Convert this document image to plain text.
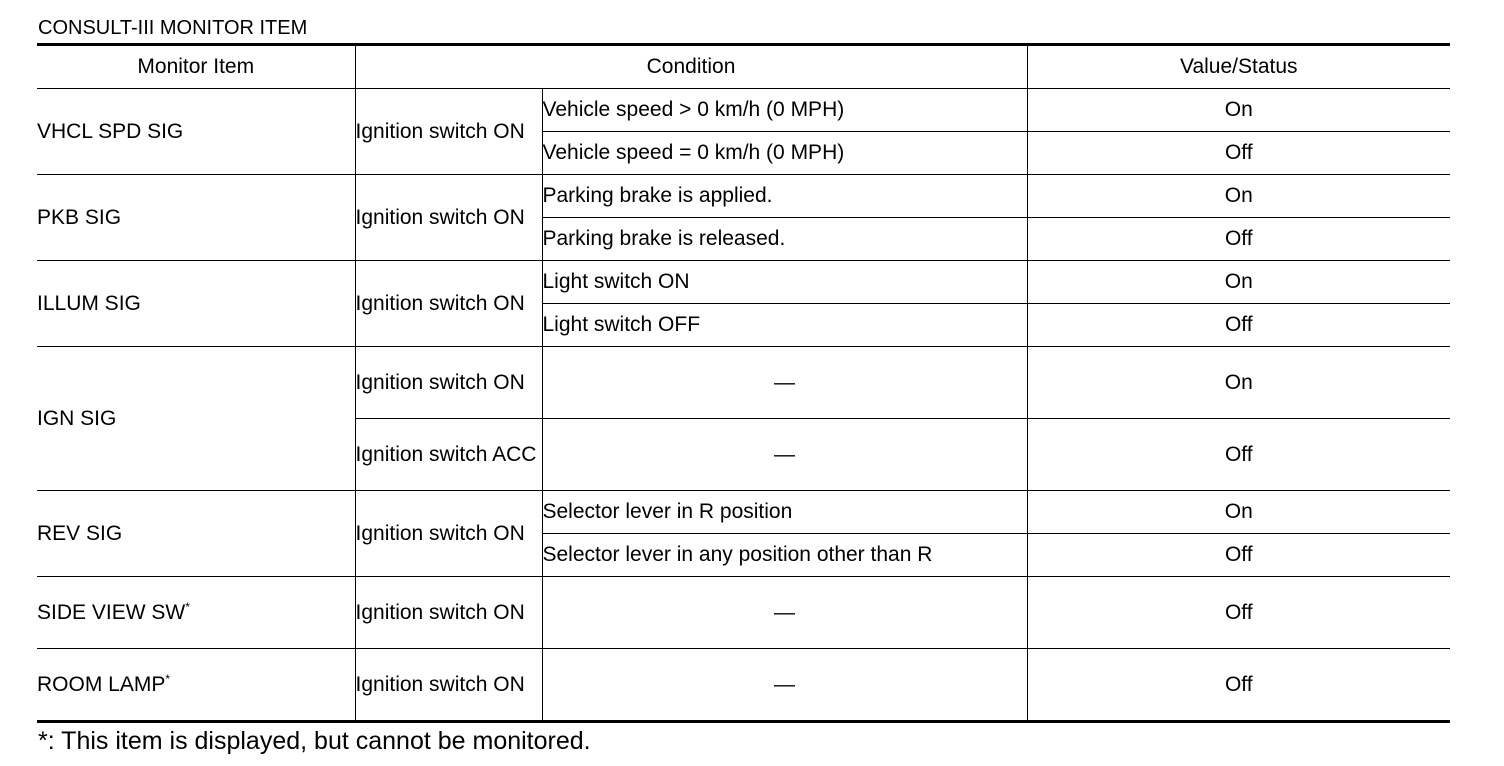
CONSULT-III MONITOR ITEM
Monitor Item	Condition		Value/Status
VHCL SPD SIG	Ignition switch ON	Vehicle speed > 0 km/h (0 MPH)	On
		Vehicle speed = 0 km/h (0 MPH)	Off
PKB SIG	Ignition switch ON	Parking brake is applied.	On
		Parking brake is released.	Off
ILLUM SIG	Ignition switch ON	Light switch ON	On
		Light switch OFF	Off
IGN SIG	Ignition switch ON	—	On
	Ignition switch ACC	—	Off
REV SIG	Ignition switch ON	Selector lever in R position	On
		Selector lever in any position other than R	Off
SIDE VIEW SW*	Ignition switch ON	—	Off
ROOM LAMP*	Ignition switch ON	—	Off
*: This item is displayed, but cannot be monitored.
